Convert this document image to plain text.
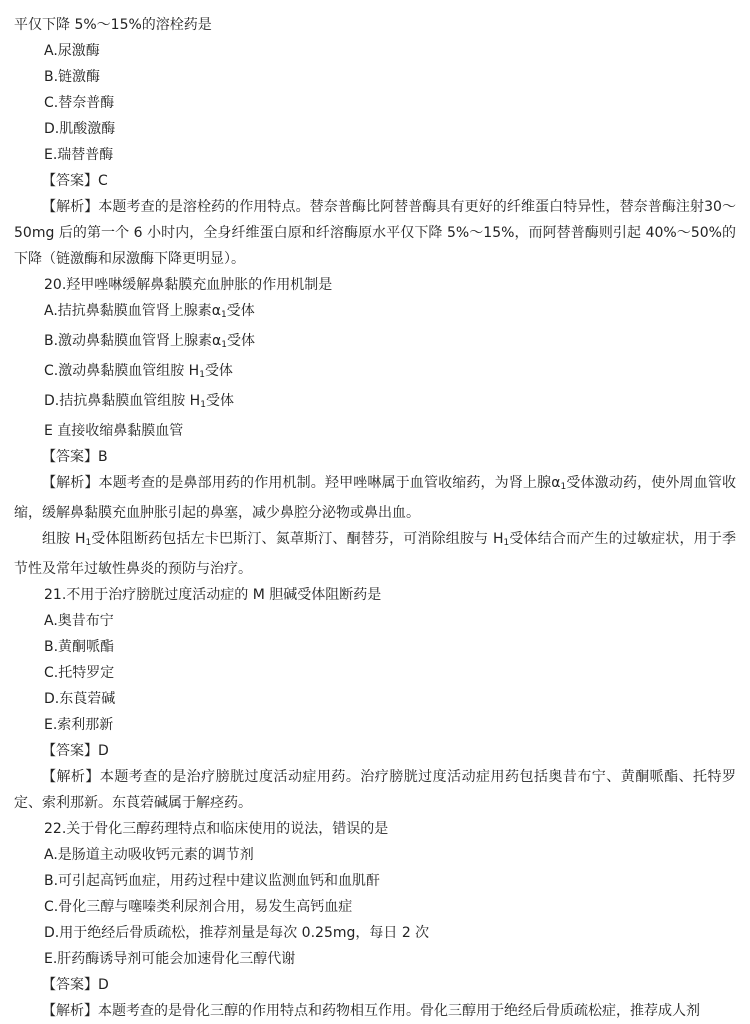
平仅下降 5%～15%的溶栓药是
A.尿激酶
B.链激酶
C.替奈普酶
D.肌酸激酶
E.瑞替普酶
【答案】C
【解析】本题考查的是溶栓药的作用特点。替奈普酶比阿替普酶具有更好的纤维蛋白特异性，替奈普酶注射30～50mg 后的第一个 6 小时内，全身纤维蛋白原和纤溶酶原水平仅下降 5%～15%，而阿替普酶则引起 40%～50%的下降（链激酶和尿激酶下降更明显）。
20.羟甲唑啉缓解鼻黏膜充血肿胀的作用机制是
A.拮抗鼻黏膜血管肾上腺素$\alpha_1$受体
B.激动鼻黏膜血管肾上腺素$\alpha_1$受体
C.激动鼻黏膜血管组胺 $H_1$受体
D.拮抗鼻黏膜血管组胺 $H_1$受体
E 直接收缩鼻黏膜血管
【答案】B
【解析】本题考查的是鼻部用药的作用机制。羟甲唑啉属于血管收缩药，为肾上腺$\alpha_1$受体激动药，使外周血管收缩，缓解鼻黏膜充血肿胀引起的鼻塞，减少鼻腔分泌物或鼻出血。
组胺 $H_1$受体阻断药包括左卡巴斯汀、氮䓬斯汀、酮替芬，可消除组胺与 $H_1$受体结合而产生的过敏症状，用于季节性及常年过敏性鼻炎的预防与治疗。
21.不用于治疗膀胱过度活动症的 M 胆碱受体阻断药是
A.奥昔布宁
B.黄酮哌酯
C.托特罗定
D.东莨菪碱
E.索利那新
【答案】D
【解析】本题考查的是治疗膀胱过度活动症用药。治疗膀胱过度活动症用药包括奥昔布宁、黄酮哌酯、托特罗定、索利那新。东莨菪碱属于解痉药。
22.关于骨化三醇药理特点和临床使用的说法，错误的是
A.是肠道主动吸收钙元素的调节剂
B.可引起高钙血症，用药过程中建议监测血钙和血肌酐
C.骨化三醇与噻嗪类利尿剂合用，易发生高钙血症
D.用于绝经后骨质疏松，推荐剂量是每次 0.25mg，每日 2 次
E.肝药酶诱导剂可能会加速骨化三醇代谢
【答案】D
【解析】本题考查的是骨化三醇的作用特点和药物相互作用。骨化三醇用于绝经后骨质疏松症，推荐成人剂
